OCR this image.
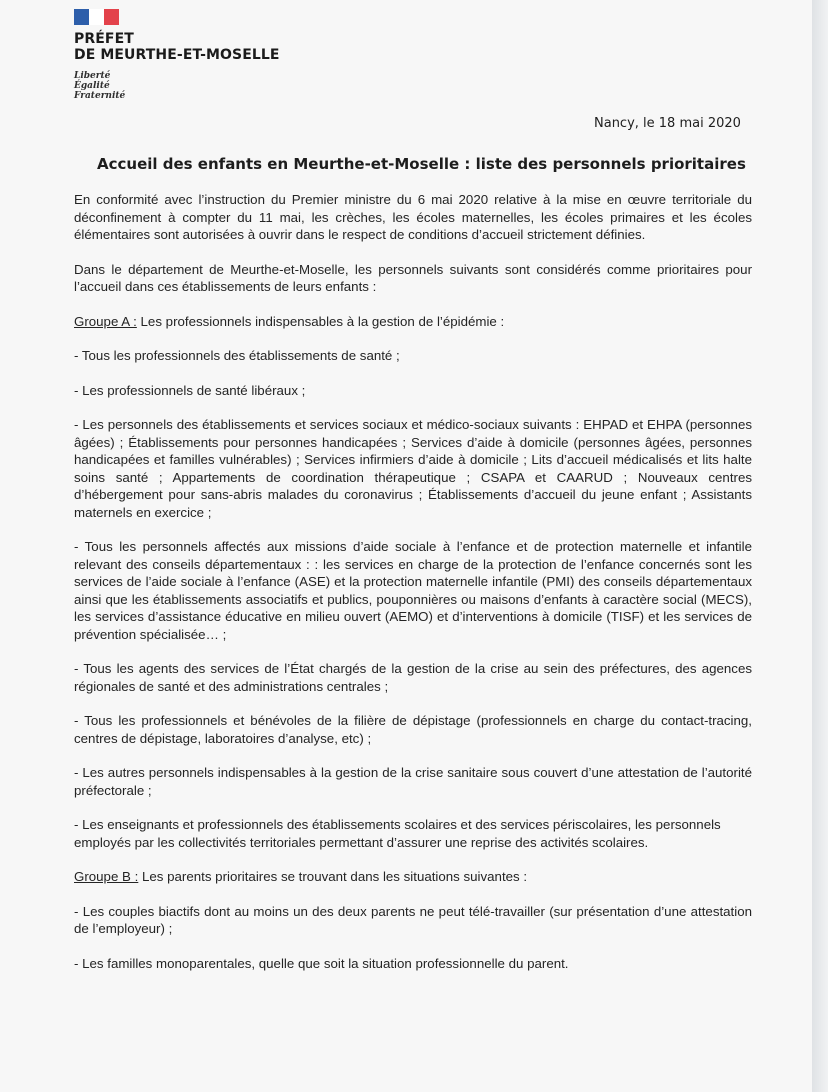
PRÉFET
DE MEURTHE-ET-MOSELLE
Liberté
Égalité
Fraternité
Nancy, le 18 mai 2020
Accueil des enfants en Meurthe-et-Moselle : liste des personnels prioritaires

En conformité avec l’instruction du Premier ministre du 6 mai 2020 relative à la mise en œuvre territoriale du déconfinement à compter du 11 mai, les crèches, les écoles maternelles, les écoles primaires et les écoles élémentaires sont autorisées à ouvrir dans le respect de conditions d’accueil strictement définies.

Dans le département de Meurthe-et-Moselle, les personnels suivants sont considérés comme prioritaires pour l’accueil dans ces établissements de leurs enfants :

Groupe A : Les professionnels indispensables à la gestion de l’épidémie :

- Tous les professionnels des établissements de santé ;

- Les professionnels de santé libéraux ;

- Les personnels des établissements et services sociaux et médico-sociaux suivants : EHPAD et EHPA (personnes âgées) ; Établissements pour personnes handicapées ; Services d’aide à domicile (personnes âgées, personnes handicapées et familles vulnérables) ; Services infirmiers d’aide à domicile ; Lits d’accueil médicalisés et lits halte soins santé ; Appartements de coordination thérapeutique ; CSAPA et CAARUD ; Nouveaux centres d’hébergement pour sans-abris malades du coronavirus ; Établissements d’accueil du jeune enfant ; Assistants maternels en exercice ;

- Tous les personnels affectés aux missions d’aide sociale à l’enfance et de protection maternelle et infantile relevant des conseils départementaux : : les services en charge de la protection de l’enfance concernés sont les services de l’aide sociale à l’enfance (ASE) et la protection maternelle infantile (PMI) des conseils départementaux ainsi que les établissements associatifs et publics, pouponnières ou maisons d’enfants à caractère social (MECS), les services d’assistance éducative en milieu ouvert (AEMO) et d’interventions à domicile (TISF) et les services de prévention spécialisée… ;

- Tous les agents des services de l’État chargés de la gestion de la crise au sein des préfectures, des agences régionales de santé et des administrations centrales ;

- Tous les professionnels et bénévoles de la filière de dépistage (professionnels en charge du contact-tracing, centres de dépistage, laboratoires d’analyse, etc) ;

- Les autres personnels indispensables à la gestion de la crise sanitaire sous couvert d’une attestation de l’autorité préfectorale ;

- Les enseignants et professionnels des établissements scolaires et des services périscolaires, les personnels employés par les collectivités territoriales permettant d’assurer une reprise des activités scolaires.

Groupe B : Les parents prioritaires se trouvant dans les situations suivantes :

- Les couples biactifs dont au moins un des deux parents ne peut télé-travailler (sur présentation d’une attestation de l’employeur) ;

- Les familles monoparentales, quelle que soit la situation professionnelle du parent.
